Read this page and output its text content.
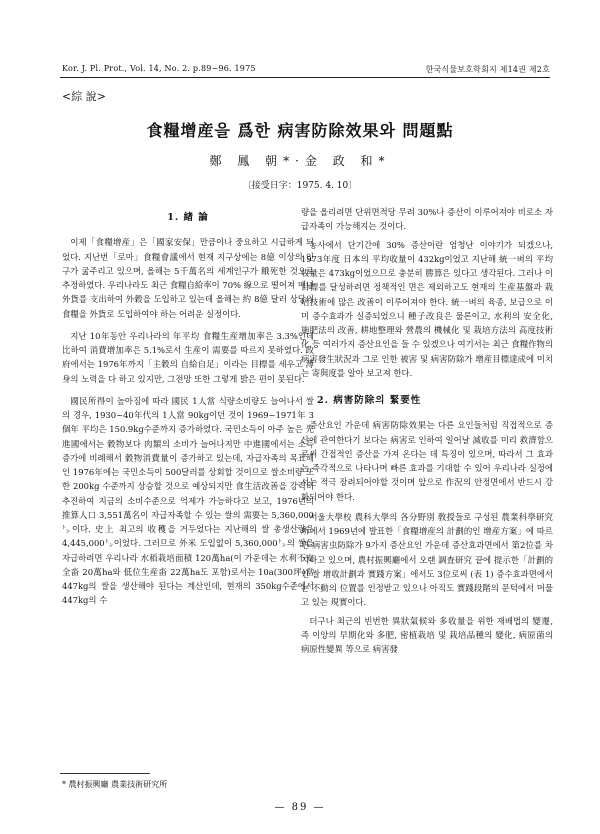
Kor. J. Pl. Prot., Vol. 14, No. 2. p.89~96. 1975	한국식물보호학회지 제14권 제2호
<綜 說>
食糧增産을 爲한 病害防除效果와 問題點
鄭 鳳 朝*·金 政 和*
〔接受日字：1975. 4. 10〕
1. 緖 論

이제「食糧增産」은「國家安保」만큼이나 중요하고 시급하게 되었다. 지난번「로마」食糧會議에서 현재 지구상에는 8億 이상의 인구가 굶주리고 있으며, 올해는 5千萬名의 세계인구가 餓死한 것으로 추정하였다. 우리나라도 최근 食糧自給率이 70% 線으로 떨어져 매년 外貨를 支出하여 外穀을 도입하고 있는데 올해는 約 8億 달러 상당의 食糧을 外貨로 도입하여야 하는 어려운 실정이다.

지난 10年동안 우리나라의 年平均 食糧生産增加率은 3.3%인데 比하여 消費增加率은 5.1%로서 生産이 需要를 따르지 못하였다. 政府에서는 1976年까지「主穀의 自給自足」이라는 目標를 세우고 溥身의 노력을 다 하고 있지만, 그전망 또한 그렇게 밝은 편이 못된다.

國民所得이 높아짐에 따라 國民 1人當 식량소비량도 늘어나서 쌀의 경우, 1930~40年代의 1人當 90kg이던 것이 1969~1971年 3個年 平均은 150.9kg수준까지 증가하였다. 국민소득이 아주 높은 先進國에서는 穀物보다 肉類의 소비가 늘어나지만 中進國에서는 소득증가에 비례해서 穀物消費量이 증가하고 있는데, 자급자족의 목표해인 1976年에는 국민소득이 500달러를 상회할 것이므로 쌀소비량 또한 200kg 수준까지 상승할 것으로 예상되지만 食生活改善을 강력히 추진하여 지금의 소비수준으로 억제가 가능하다고 보고, 1976년의 推算人口 3,551萬名이 자급자족할 수 있는 쌀의 需要는 5,360,000㌧이다. 史上 최고의 收穫을 거두었다는 지난해의 쌀 총생산량은 4,445,000㌧이었다. 그러므로 外米 도입없이 5,360,000㌧의 쌀을 자급하려면 우리나라 水稻栽培面積 120萬ha(이 가운데는 水利不安全畓 20萬ha와 低位生産畓 22萬ha도 포함)로서는 10a(300坪)當 447kg의 쌀을 생산해야 된다는 계산인데, 현재의 350kg수준에서 447kg의 수

량을 올리려면 단위면적당 무려 30%나 증산이 이루어져야 비로소 자급자족이 가능해지는 것이다.

농사에서 단기간에 30% 증산이란 엄청난 이야기가 되겠으나, 1973年度 日本의 平均收量이 432kg이었고 지난해 統一벼의 平均收量은 473kg이었으므로 충분히 勝算은 있다고 생각된다. 그러나 이 目標를 달성하려면 정책적인 면은 제외하고도 현재의 生産基盤과 栽培技術에 많은 改善이 이루어져야 한다. 統一벼의 육종, 보급으로 이미 증수효과가 실증되었으니 種子改良은 물론이고, 水利의 安全化, 施肥法의 改善, 耕地整理와 營農의 機械化 및 栽培方法의 高度技術化 등 여러가지 증산요인을 들 수 있겠으나 여기서는 최근 食糧作物의 病害發生狀況과 그로 인한 被害 및 病害防除가 增産目標達成에 미치는 寄與度를 알아 보고져 한다.

2. 病害防除의 緊要性

증산요인 가운데 病害防除效果는 다른 요인들처럼 직접적으로 증산에 관여한다기 보다는 病害로 인하여 일어날 減收를 미리 救濟함으로써 간접적인 증산을 가져 온다는 데 특징이 있으며, 따라서 그 효과는 즉각적으로 나타나며 빠른 효과를 기대할 수 있어 우리나라 실정에서는 적극 장려되어야할 것이며 앞으로 作況의 안정면에서 반드시 강화되어야 한다.

서울大學校 農科大學의 各分野別 敎授들로 구성된 農業科學研究所에서 1969년에 발표한「食糧增産의 計劃的인 增産方案」에 따르면 病害虫防除가 9가지 증산요인 가운데 증산효과면에서 第2位를 차지하고 있으며, 農村振興廳에서 오랜 調査研究 끝에 提示한「計劃的인 쌀 增收計劃과 實踐方案」에서도 3位로써 (表 1) 증수효과면에서는 不動의 位置를 인정받고 있으나 아직도 實踐段階의 문턱에서 머물고 있는 現實이다.

더구나 최근의 빈번한 異狀氣候와 多收量을 위한 재배법의 變遷, 즉 이앙의 早期化와 多肥, 密植栽培 및 栽培品種의 變化, 病原菌의 病原性變異 等으로 病害發

* 農村振興廳 農業技術研究所
— 89 —
